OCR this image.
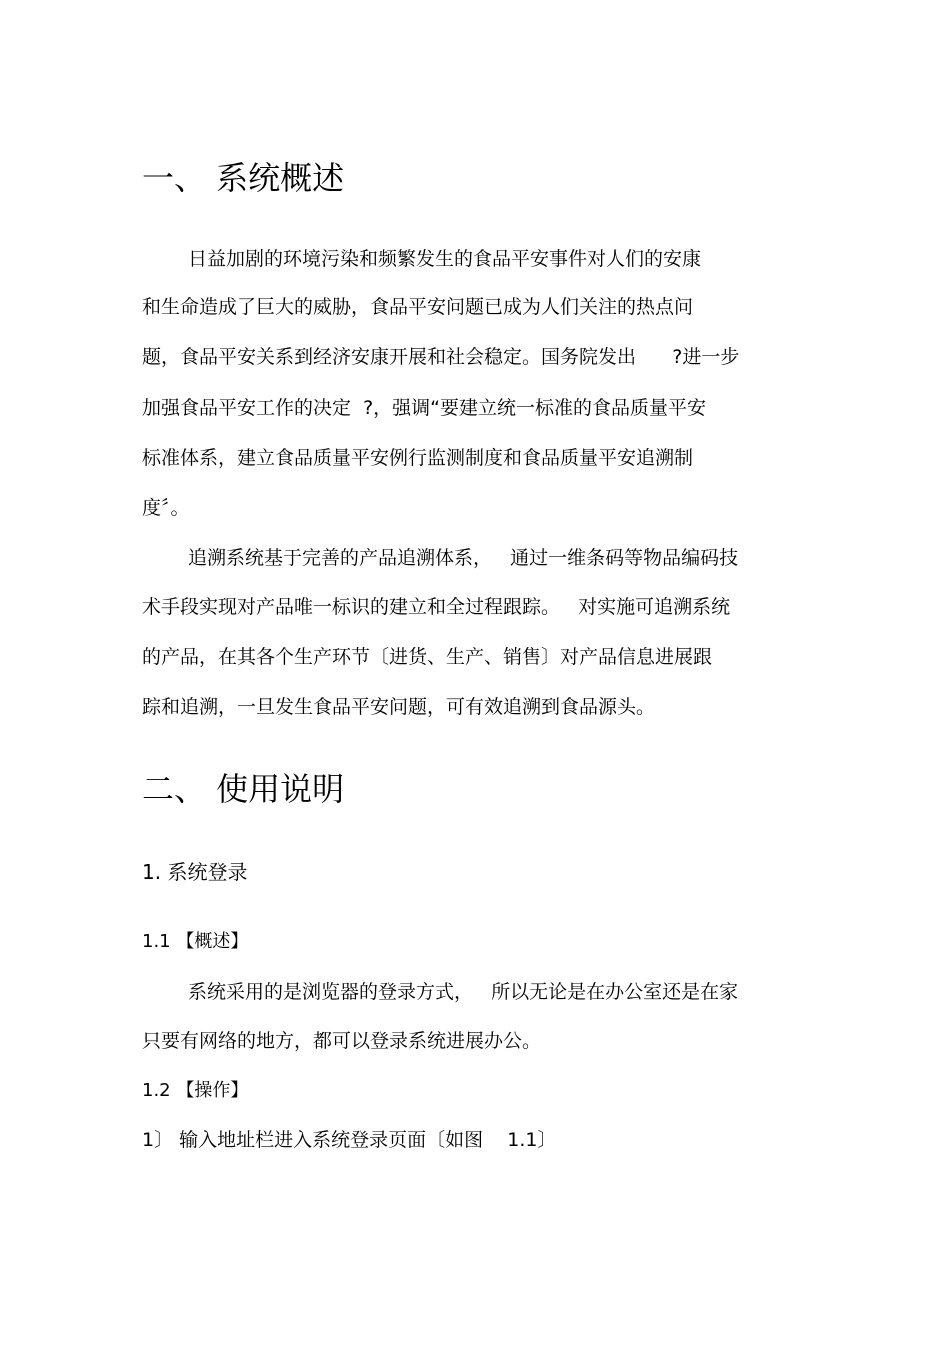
一、 系统概述
日益加剧的环境污染和频繁发生的食品平安事件对人们的安康
和生命造成了巨大的威胁，食品平安问题已成为人们关注的热点问
题，食品平安关系到经济安康开展和社会稳定。国务院发出      ?进一步
加强食品平安工作的决定  ?，强调“要建立统一标准的食品质量平安
标准体系，建立食品质量平安例行监测制度和食品质量平安追溯制
度〞。
追溯系统基于完善的产品追溯体系，   通过一维条码等物品编码技
术手段实现对产品唯一标识的建立和全过程跟踪。   对实施可追溯系统
的产品，在其各个生产环节〔进货、生产、销售〕对产品信息进展跟
踪和追溯，一旦发生食品平安问题，可有效追溯到食品源头。
二、 使用说明
1. 系统登录
1.1 【概述】
系统采用的是浏览器的登录方式，   所以无论是在办公室还是在家
只要有网络的地方，都可以登录系统进展办公。
1.2 【操作】
1〕 输入地址栏进入系统登录页面〔如图    1.1〕
